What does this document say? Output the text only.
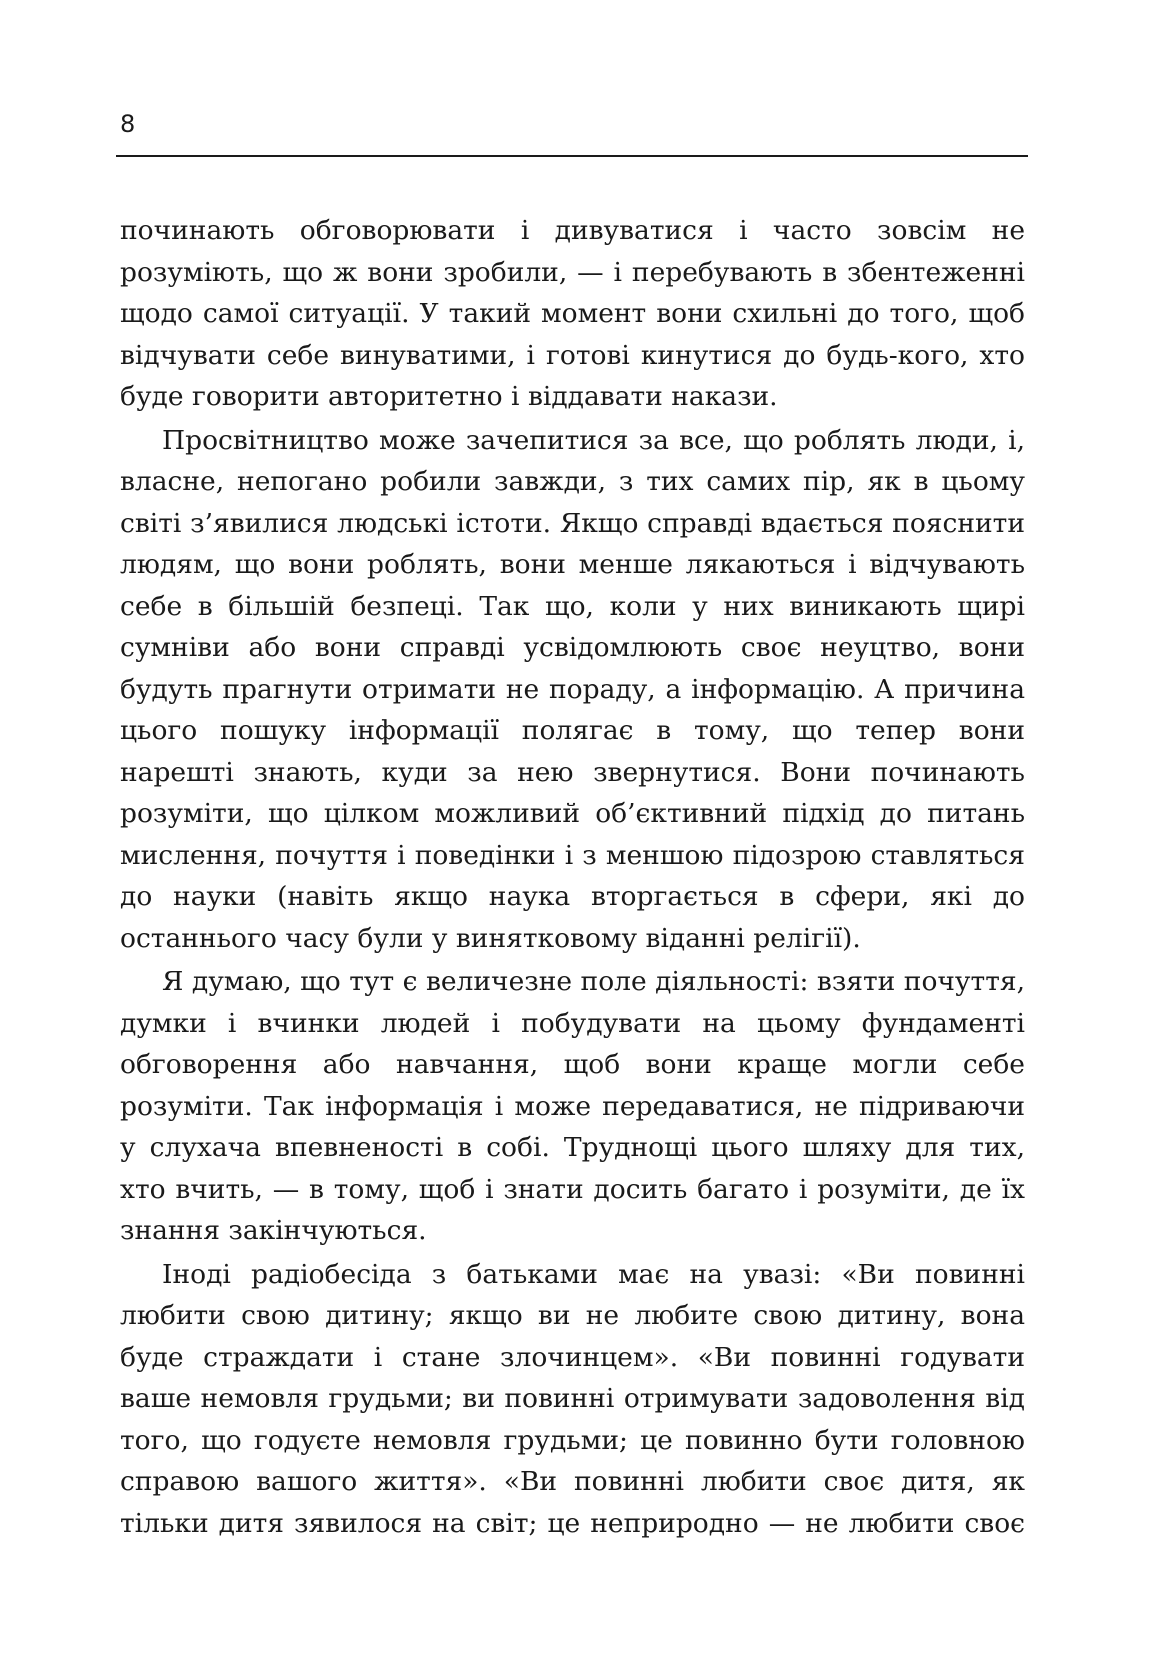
8

починають обговорювати і дивуватися і часто зовсім не розуміють, що ж вони зробили, — і перебувають в збентеженні щодо самої ситуації. У такий момент вони схильні до того, щоб відчувати себе винуватими, і готові кинутися до будь-кого, хто буде говорити авторитетно і віддавати накази.

Просвітництво може зачепитися за все, що роблять люди, і, власне, непогано робили завжди, з тих самих пір, як в цьому світі з’явилися людські істоти. Якщо справді вдається пояснити людям, що вони роблять, вони менше лякаються і відчувають себе в більшій безпеці. Так що, коли у них виникають щирі сумніви або вони справді усвідомлюють своє неуцтво, вони будуть прагнути отримати не пораду, а інформацію. А причина цього пошуку інформації полягає в тому, що тепер вони нарешті знають, куди за нею звернутися. Вони починають розуміти, що цілком можливий об’єктивний підхід до питань мислення, почуття і поведінки і з меншою підозрою ставляться до науки (навіть якщо наука вторгається в сфери, які до останнього часу були у винятковому віданні релігії).

Я думаю, що тут є величезне поле діяльності: взяти почуття, думки і вчинки людей і побудувати на цьому фундаменті обговорення або навчання, щоб вони краще могли себе розуміти. Так інформація і може передаватися, не підриваючи у слухача впевненості в собі. Труднощі цього шляху для тих, хто вчить, — в тому, щоб і знати досить багато і розуміти, де їх знання закінчуються.

Іноді радіобесіда з батьками має на увазі: «Ви повинні любити свою дитину; якщо ви не любите свою дитину, вона буде страждати і стане злочинцем». «Ви повинні годувати ваше немовля грудьми; ви повинні отримувати задоволення від того, що годуєте немовля грудьми; це повинно бути головною справою вашого життя». «Ви повинні любити своє дитя, як тільки дитя зявилося на світ; це неприродно — не любити своє
